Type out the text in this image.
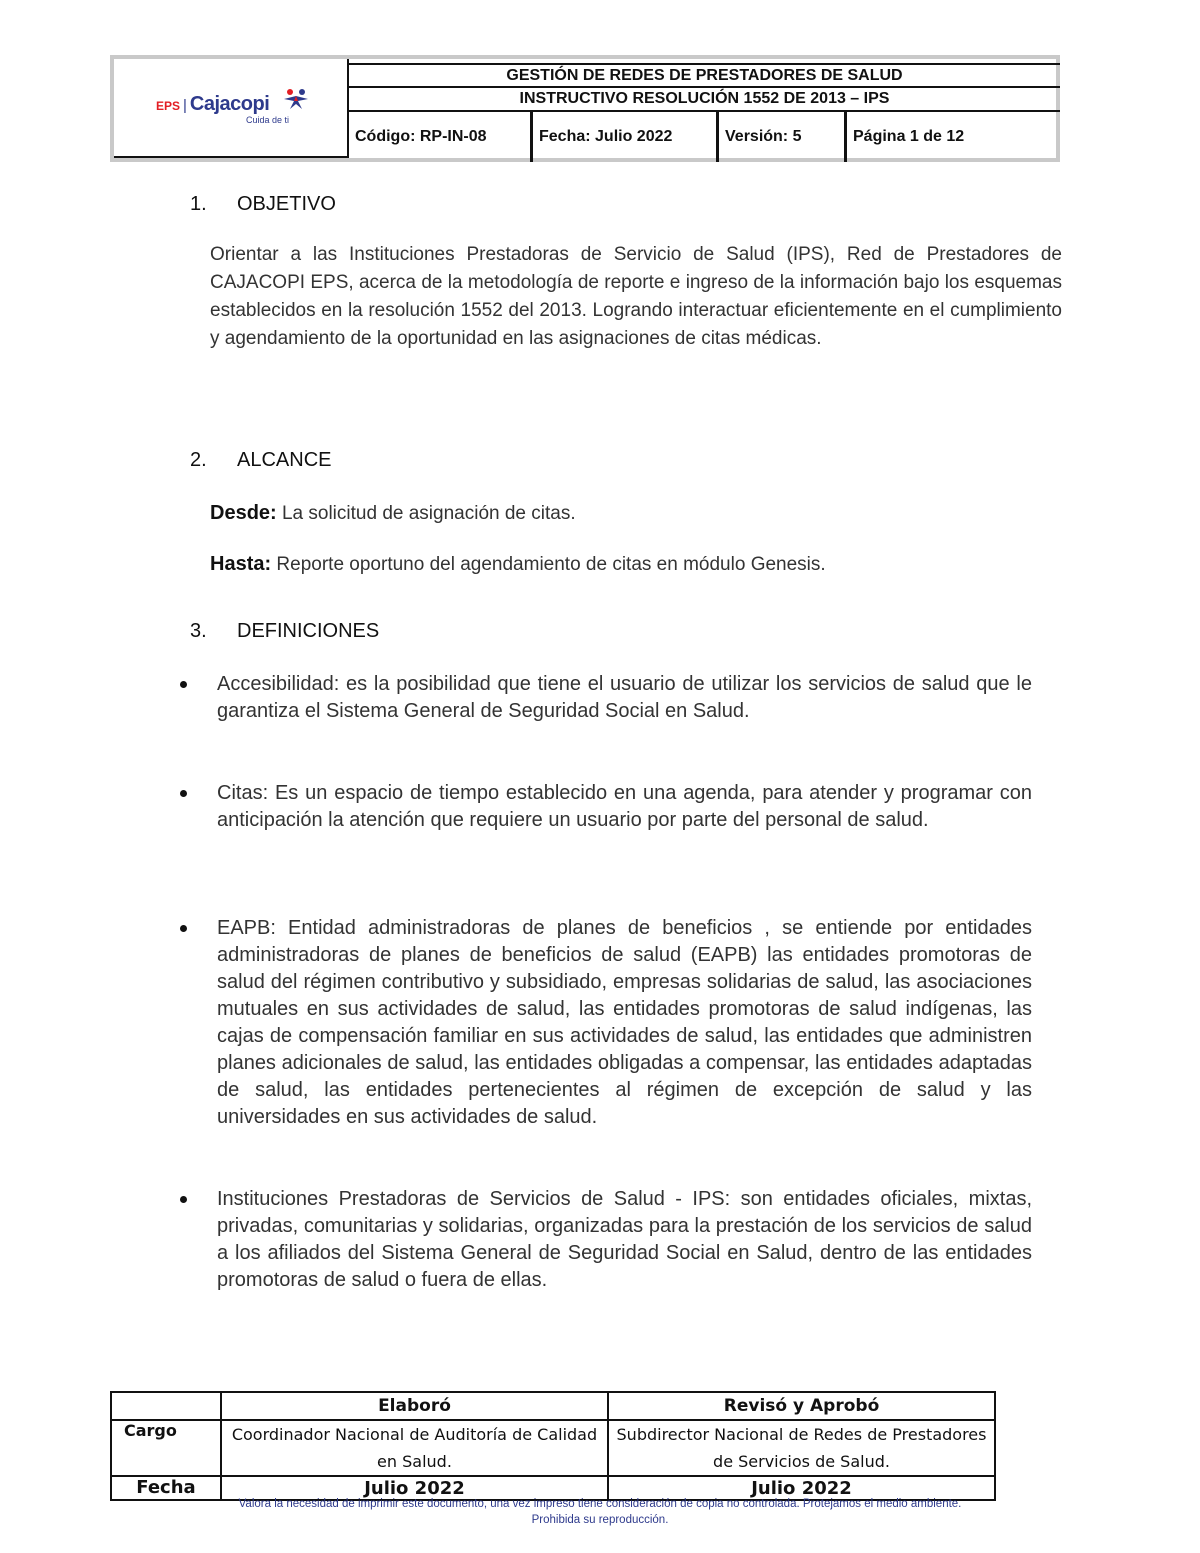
EPS | Cajacopi
Cuida de ti
GESTIÓN DE REDES DE PRESTADORES DE SALUD
INSTRUCTIVO RESOLUCIÓN 1552 DE 2013 – IPS
Código: RP-IN-08	Fecha: Julio 2022	Versión: 5	Página 1 de 12
1.	OBJETIVO
Orientar a las Instituciones Prestadoras de Servicio de Salud (IPS), Red de Prestadores de CAJACOPI EPS, acerca de la metodología de reporte e ingreso de la información bajo los esquemas establecidos en la resolución 1552 del 2013. Logrando interactuar eficientemente en el cumplimiento y agendamiento de la oportunidad en las asignaciones de citas médicas.
2.	ALCANCE
Desde: La solicitud de asignación de citas.
Hasta: Reporte oportuno del agendamiento de citas en módulo Genesis.
3.	DEFINICIONES
Accesibilidad: es la posibilidad que tiene el usuario de utilizar los servicios de salud que le garantiza el Sistema General de Seguridad Social en Salud.
Citas: Es un espacio de tiempo establecido en una agenda, para atender y programar con anticipación la atención que requiere un usuario por parte del personal de salud.
EAPB: Entidad administradoras de planes de beneficios , se entiende por entidades administradoras de planes de beneficios de salud (EAPB) las entidades promotoras de salud del régimen contributivo y subsidiado, empresas solidarias de salud, las asociaciones mutuales en sus actividades de salud, las entidades promotoras de salud indígenas, las cajas de compensación familiar en sus actividades de salud, las entidades que administren planes adicionales de salud, las entidades obligadas a compensar, las entidades adaptadas de salud, las entidades pertenecientes al régimen de excepción de salud y las universidades en sus actividades de salud.
Instituciones Prestadoras de Servicios de Salud - IPS: son entidades oficiales, mixtas, privadas, comunitarias y solidarias, organizadas para la prestación de los servicios de salud a los afiliados del Sistema General de Seguridad Social en Salud, dentro de las entidades promotoras de salud o fuera de ellas.
	Elaboró	Revisó y Aprobó
Cargo	Coordinador Nacional de Auditoría de Calidad en Salud.	Subdirector Nacional de Redes de Prestadores de Servicios de Salud.
Fecha	Julio 2022	Julio 2022
Valora la necesidad de imprimir este documento, una vez impreso tiene consideración de copia no controlada. Protejamos el medio ambiente.
Prohibida su reproducción.
